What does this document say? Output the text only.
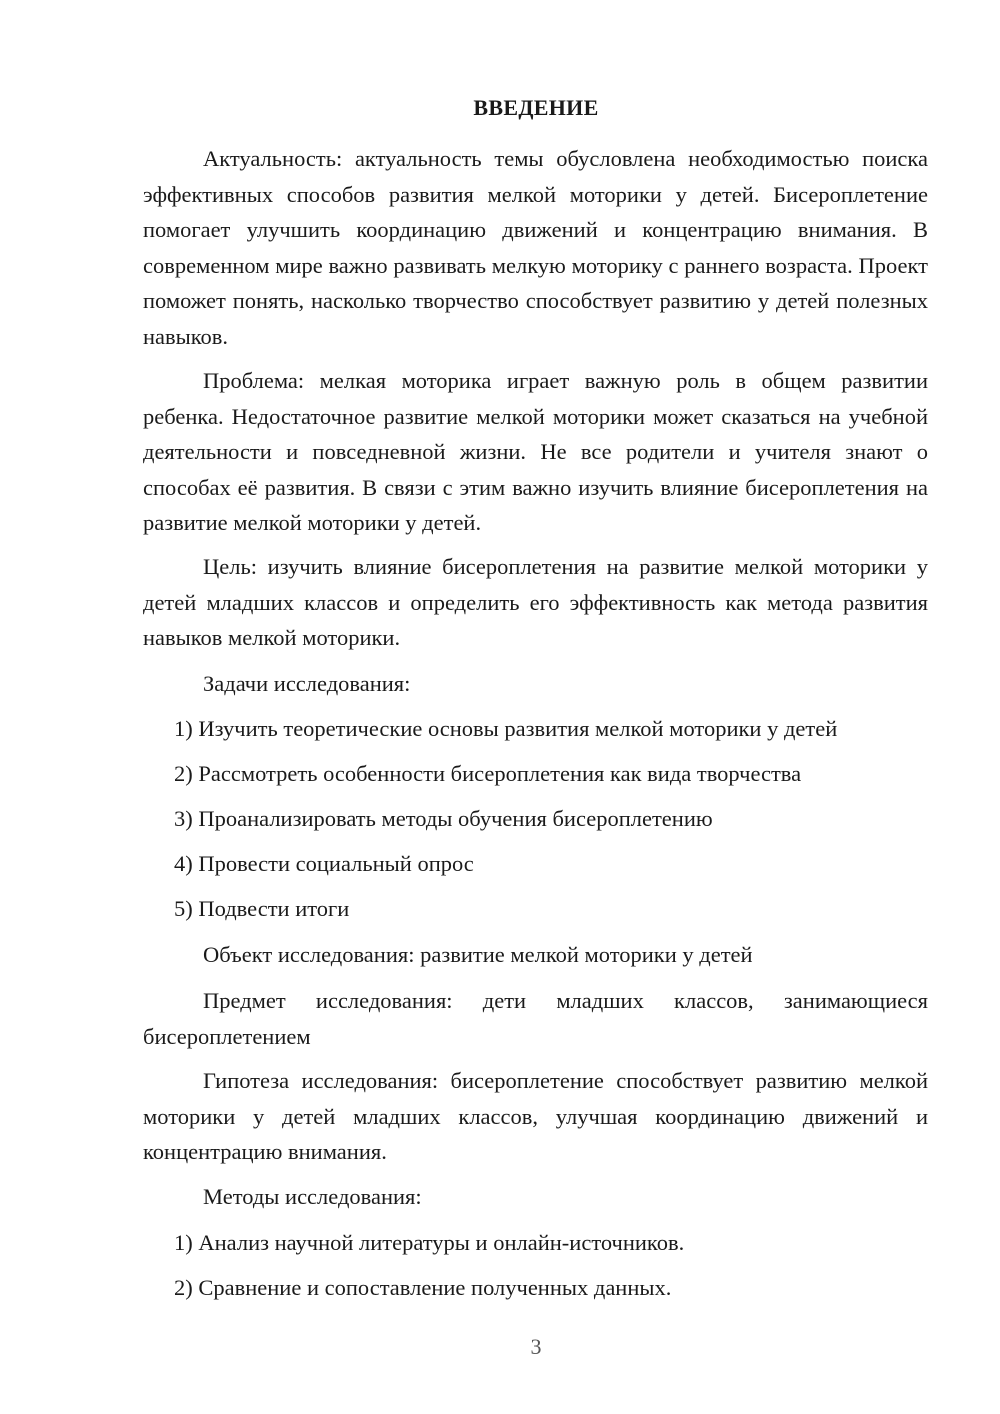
ВВЕДЕНИЕ

Актуальность: актуальность темы обусловлена необходимостью поиска эффективных способов развития мелкой моторики у детей. Бисероплетение помогает улучшить координацию движений и концентрацию внимания. В современном мире важно развивать мелкую моторику с раннего возраста. Проект поможет понять, насколько творчество способствует развитию у детей полезных навыков.

Проблема: мелкая моторика играет важную роль в общем развитии ребенка. Недостаточное развитие мелкой моторики может сказаться на учебной деятельности и повседневной жизни. Не все родители и учителя знают о способах её развития. В связи с этим важно изучить влияние бисероплетения на развитие мелкой моторики у детей.

Цель: изучить влияние бисероплетения на развитие мелкой моторики у детей младших классов и определить его эффективность как метода развития навыков мелкой моторики.

Задачи исследования:

1) Изучить теоретические основы развития мелкой моторики у детей

2) Рассмотреть особенности бисероплетения как вида творчества

3) Проанализировать методы обучения бисероплетению

4) Провести социальный опрос

5) Подвести итоги

Объект исследования: развитие мелкой моторики у детей

Предмет исследования: дети младших классов, занимающиеся бисероплетением

Гипотеза исследования: бисероплетение способствует развитию мелкой моторики у детей младших классов, улучшая координацию движений и концентрацию внимания.

Методы исследования:

1) Анализ научной литературы и онлайн-источников.

2) Сравнение и сопоставление полученных данных.

3
